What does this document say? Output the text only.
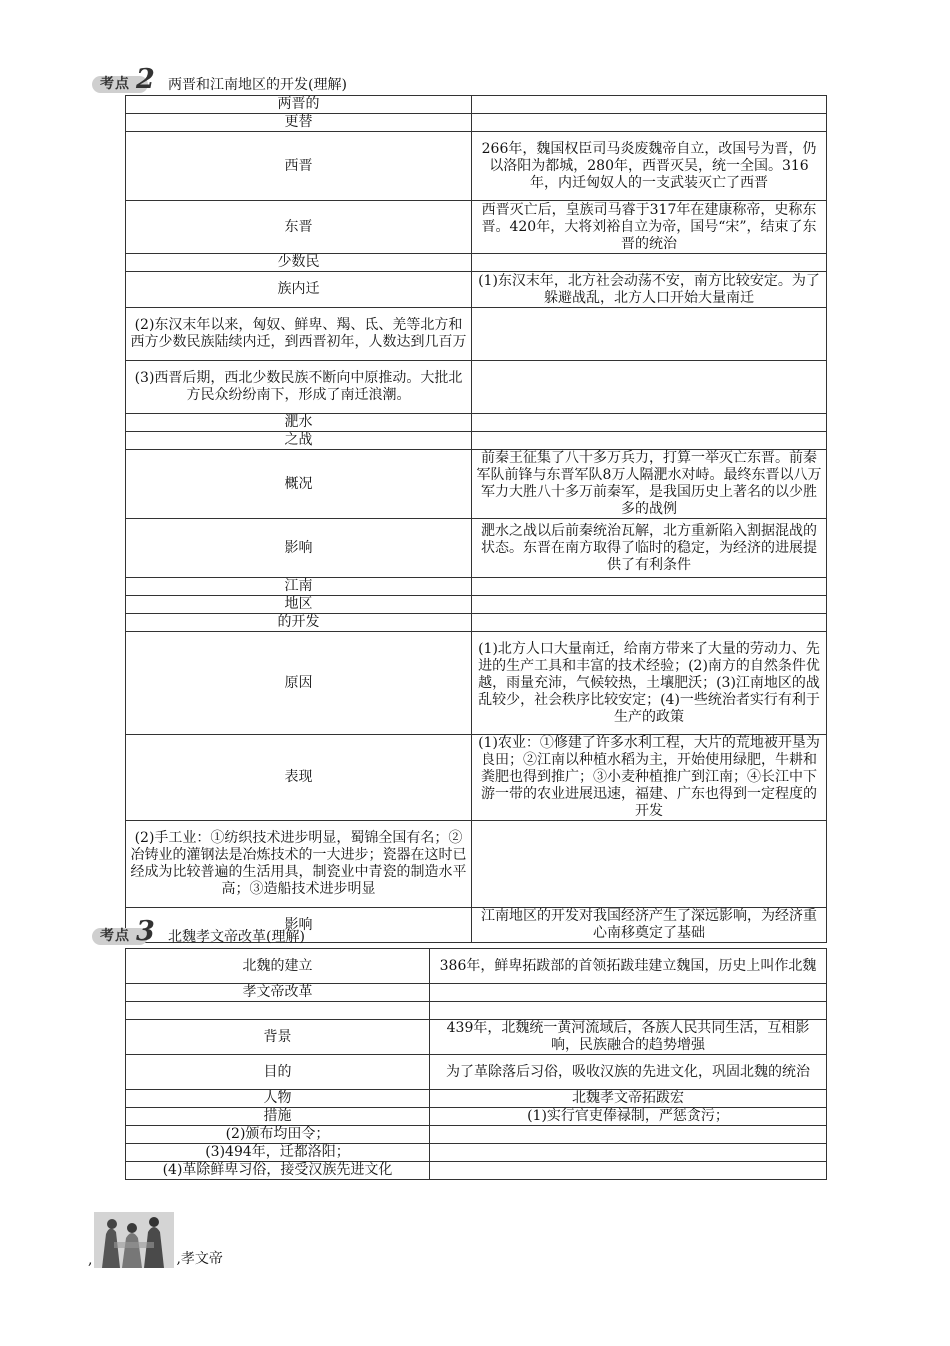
考点 2 两晋和江南地区的开发(理解)
两晋的	
更替	
西晋	266年，魏国权臣司马炎废魏帝自立，改国号为晋，仍以洛阳为都城，280年，西晋灭吴，统一全国。316年，内迁匈奴人的一支武装灭亡了西晋
东晋	西晋灭亡后，皇族司马睿于317年在建康称帝，史称东晋。420年，大将刘裕自立为帝，国号“宋”，结束了东晋的统治
少数民	
族内迁	(1)东汉末年，北方社会动荡不安，南方比较安定。为了躲避战乱，北方人口开始大量南迁
(2)东汉末年以来，匈奴、鲜卑、羯、氐、羌等北方和西方少数民族陆续内迁，到西晋初年，人数达到几百万	
(3)西晋后期，西北少数民族不断向中原推动。大批北方民众纷纷南下，形成了南迁浪潮。	
淝水	
之战	
概况	前秦王征集了八十多万兵力，打算一举灭亡东晋。前秦军队前锋与东晋军队8万人隔淝水对峙。最终东晋以八万军力大胜八十多万前秦军，是我国历史上著名的以少胜多的战例
影响	淝水之战以后前秦统治瓦解，北方重新陷入割据混战的状态。东晋在南方取得了临时的稳定，为经济的进展提供了有利条件
江南	
地区	
的开发	
原因	(1)北方人口大量南迁，给南方带来了大量的劳动力、先进的生产工具和丰富的技术经验；(2)南方的自然条件优越，雨量充沛，气候较热，土壤肥沃；(3)江南地区的战乱较少，社会秩序比较安定；(4)一些统治者实行有利于生产的政策
表现	(1)农业：①修建了许多水利工程，大片的荒地被开垦为良田；②江南以种植水稻为主，开始使用绿肥，牛耕和粪肥也得到推广；③小麦种植推广到江南；④长江中下游一带的农业进展迅速，福建、广东也得到一定程度的开发
(2)手工业：①纺织技术进步明显，蜀锦全国有名；②冶铸业的灌钢法是冶炼技术的一大进步；瓷器在这时已经成为比较普遍的生活用具，制瓷业中青瓷的制造水平高；③造船技术进步明显	
影响	江南地区的开发对我国经济产生了深远影响，为经济重心南移奠定了基础
考点 3 北魏孝文帝改革(理解)
北魏的建立	386年，鲜卑拓跋部的首领拓跋珪建立魏国，历史上叫作北魏
孝文帝改革	

背景	439年，北魏统一黄河流域后，各族人民共同生活，互相影响，民族融合的趋势增强
目的	为了革除落后习俗，吸收汉族的先进文化，巩固北魏的统治
人物	北魏孝文帝拓跋宏
措施	(1)实行官吏俸禄制，严惩贪污；
(2)颁布均田令；	
(3)494年，迁都洛阳；	
(4)革除鲜卑习俗，接受汉族先进文化	
,	,孝文帝
